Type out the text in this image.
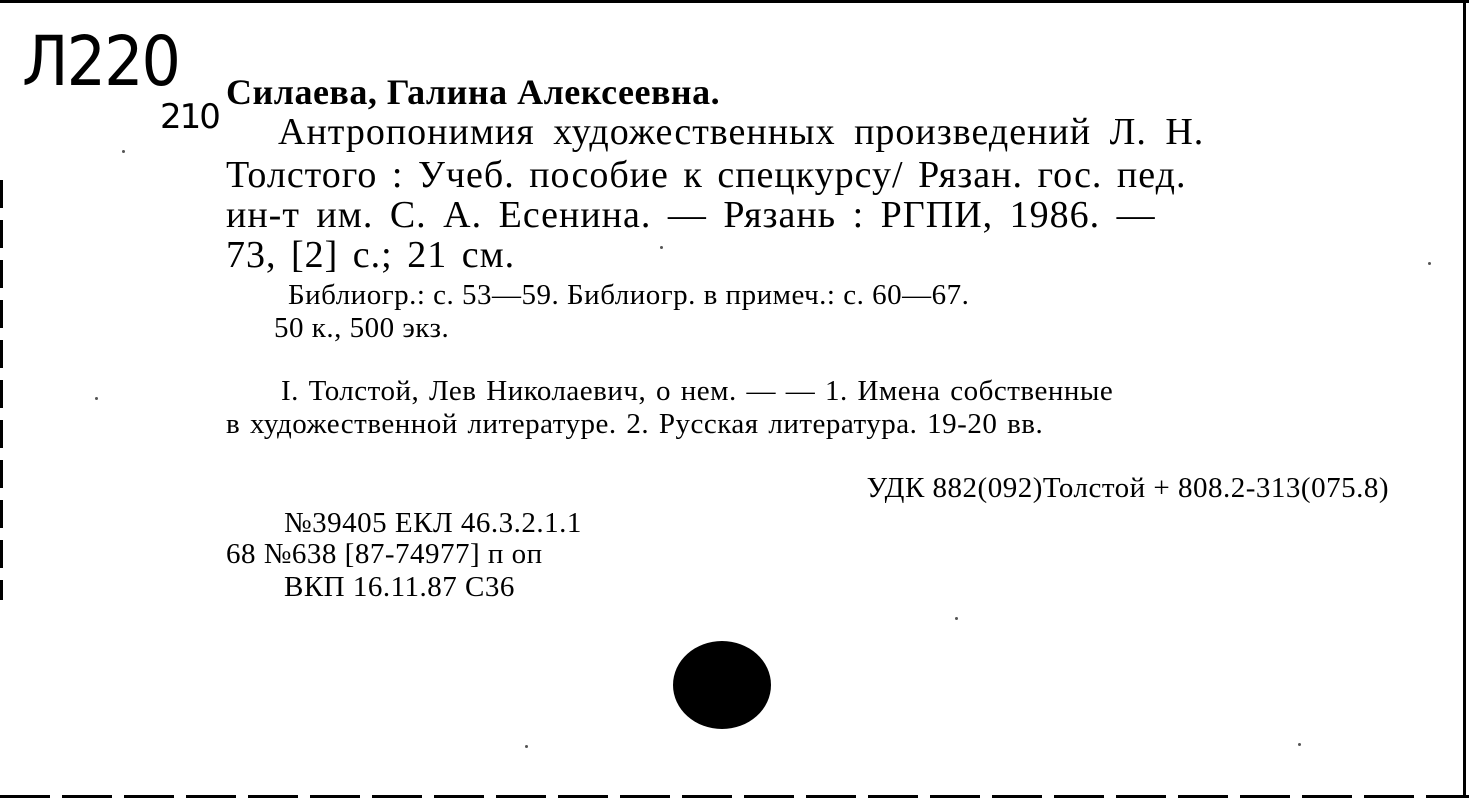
Л220
210
Силаева, Галина Алексеевна.
Антропонимия художественных произведений Л. Н.
Толстого : Учеб. пособие к спецкурсу/ Рязан. гос. пед.
ин-т им. С. А. Есенина. — Рязань : РГПИ, 1986. —
73, [2] с.; 21 см.
Библиогр.: с. 53—59. Библиогр. в примеч.: с. 60—67.
50 к., 500 экз.
I. Толстой, Лев Николаевич, о нем. — — 1. Имена собственные
в художественной литературе. 2. Русская литература. 19-20 вв.
УДК 882(092)Толстой + 808.2-313(075.8)
№39405 ЕКЛ 46.3.2.1.1
68 №638 [87-74977] п оп
ВКП 16.11.87 С36
